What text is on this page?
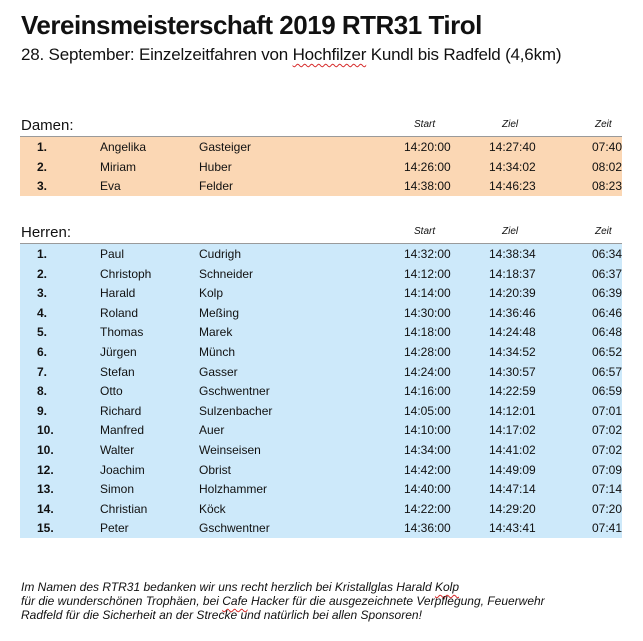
Vereinsmeisterschaft 2019 RTR31 Tirol
28. September: Einzelzeitfahren von Hochfilzer Kundl bis Radfeld (4,6km)
Damen:	Start	Ziel	Zeit
1.	Angelika	Gasteiger	14:20:00	14:27:40	07:40
2.	Miriam	Huber	14:26:00	14:34:02	08:02
3.	Eva	Felder	14:38:00	14:46:23	08:23
Herren:	Start	Ziel	Zeit
1.	Paul	Cudrigh	14:32:00	14:38:34	06:34
2.	Christoph	Schneider	14:12:00	14:18:37	06:37
3.	Harald	Kolp	14:14:00	14:20:39	06:39
4.	Roland	Meßing	14:30:00	14:36:46	06:46
5.	Thomas	Marek	14:18:00	14:24:48	06:48
6.	Jürgen	Münch	14:28:00	14:34:52	06:52
7.	Stefan	Gasser	14:24:00	14:30:57	06:57
8.	Otto	Gschwentner	14:16:00	14:22:59	06:59
9.	Richard	Sulzenbacher	14:05:00	14:12:01	07:01
10.	Manfred	Auer	14:10:00	14:17:02	07:02
10.	Walter	Weinseisen	14:34:00	14:41:02	07:02
12.	Joachim	Obrist	14:42:00	14:49:09	07:09
13.	Simon	Holzhammer	14:40:00	14:47:14	07:14
14.	Christian	Köck	14:22:00	14:29:20	07:20
15.	Peter	Gschwentner	14:36:00	14:43:41	07:41
Im Namen des RTR31 bedanken wir uns recht herzlich bei Kristallglas Harald Kolp
für die wunderschönen Trophäen, bei Cafe Hacker für die ausgezeichnete Verpflegung, Feuerwehr
Radfeld für die Sicherheit an der Strecke und natürlich bei allen Sponsoren!
